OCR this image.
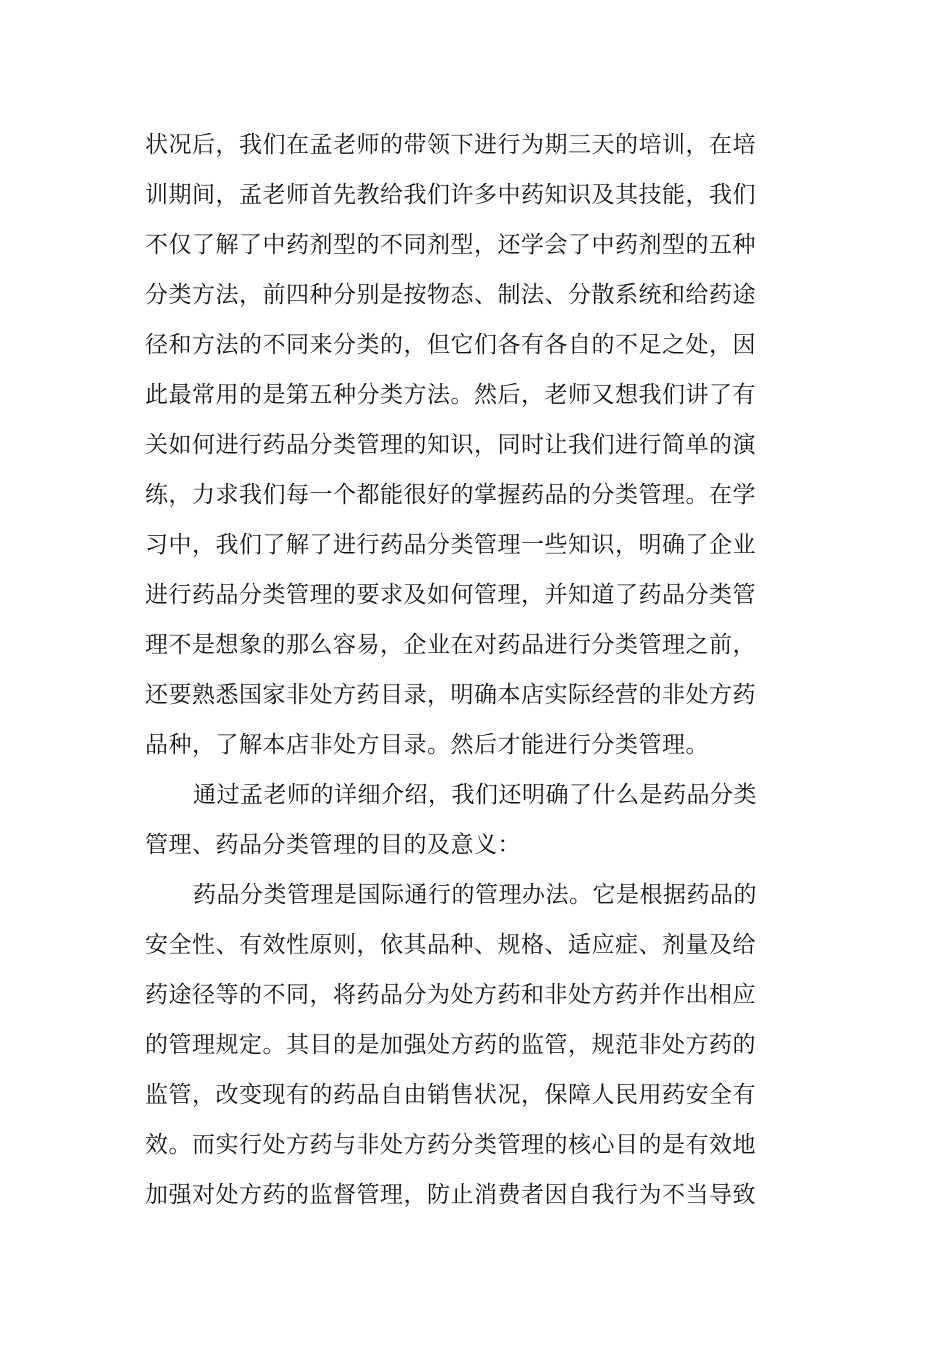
状况后，我们在孟老师的带领下进行为期三天的培训，在培
训期间，孟老师首先教给我们许多中药知识及其技能，我们
不仅了解了中药剂型的不同剂型，还学会了中药剂型的五种
分类方法，前四种分别是按物态、制法、分散系统和给药途
径和方法的不同来分类的，但它们各有各自的不足之处，因
此最常用的是第五种分类方法。然后，老师又想我们讲了有
关如何进行药品分类管理的知识，同时让我们进行简单的演
练，力求我们每一个都能很好的掌握药品的分类管理。在学
习中，我们了解了进行药品分类管理一些知识，明确了企业
进行药品分类管理的要求及如何管理，并知道了药品分类管
理不是想象的那么容易，企业在对药品进行分类管理之前，
还要熟悉国家非处方药目录，明确本店实际经营的非处方药
品种，了解本店非处方目录。然后才能进行分类管理。
通过孟老师的详细介绍，我们还明确了什么是药品分类
管理、药品分类管理的目的及意义：
药品分类管理是国际通行的管理办法。它是根据药品的
安全性、有效性原则，依其品种、规格、适应症、剂量及给
药途径等的不同，将药品分为处方药和非处方药并作出相应
的管理规定。其目的是加强处方药的监管，规范非处方药的
监管，改变现有的药品自由销售状况，保障人民用药安全有
效。而实行处方药与非处方药分类管理的核心目的是有效地
加强对处方药的监督管理，防止消费者因自我行为不当导致
